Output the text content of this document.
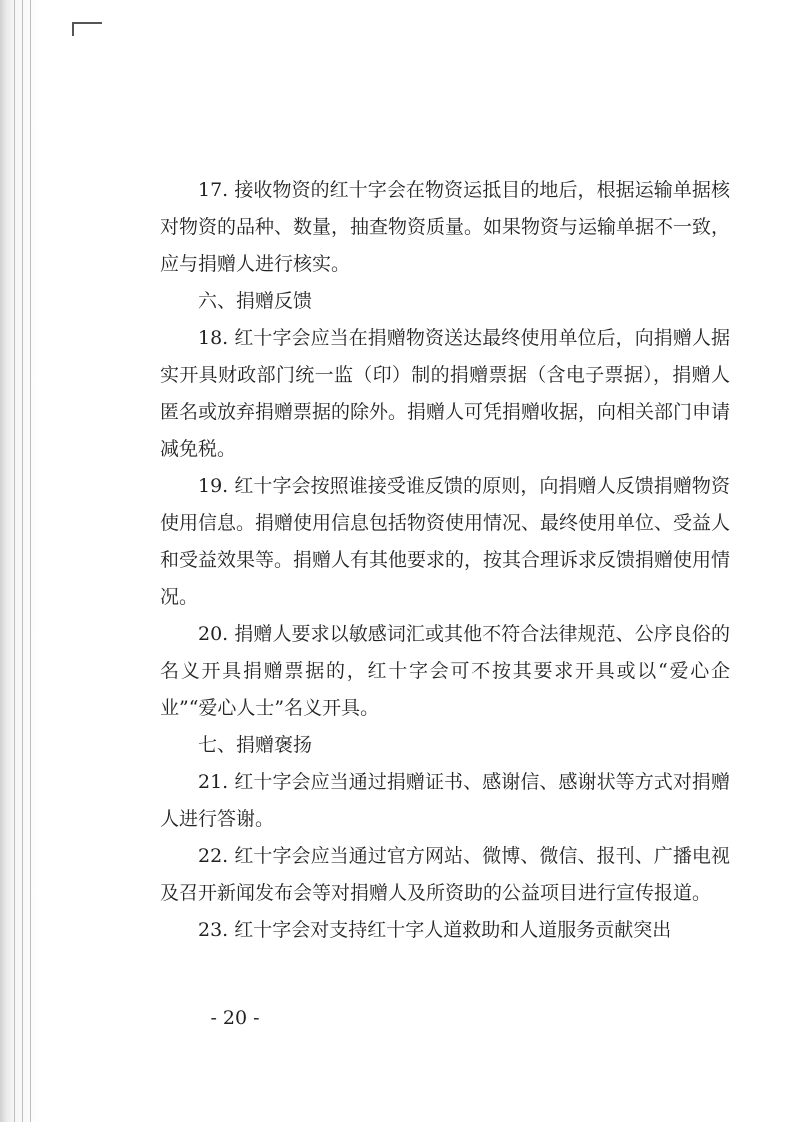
17. 接收物资的红十字会在物资运抵目的地后，根据运输单据核对物资的品种、数量，抽查物资质量。如果物资与运输单据不一致，应与捐赠人进行核实。

六、捐赠反馈

18. 红十字会应当在捐赠物资送达最终使用单位后，向捐赠人据实开具财政部门统一监（印）制的捐赠票据（含电子票据），捐赠人匿名或放弃捐赠票据的除外。捐赠人可凭捐赠收据，向相关部门申请减免税。

19. 红十字会按照谁接受谁反馈的原则，向捐赠人反馈捐赠物资使用信息。捐赠使用信息包括物资使用情况、最终使用单位、受益人和受益效果等。捐赠人有其他要求的，按其合理诉求反馈捐赠使用情况。

20. 捐赠人要求以敏感词汇或其他不符合法律规范、公序良俗的名义开具捐赠票据的，红十字会可不按其要求开具或以“爱心企业”“爱心人士”名义开具。

七、捐赠褒扬

21. 红十字会应当通过捐赠证书、感谢信、感谢状等方式对捐赠人进行答谢。

22. 红十字会应当通过官方网站、微博、微信、报刊、广播电视及召开新闻发布会等对捐赠人及所资助的公益项目进行宣传报道。

23. 红十字会对支持红十字人道救助和人道服务贡献突出

- 20 -
